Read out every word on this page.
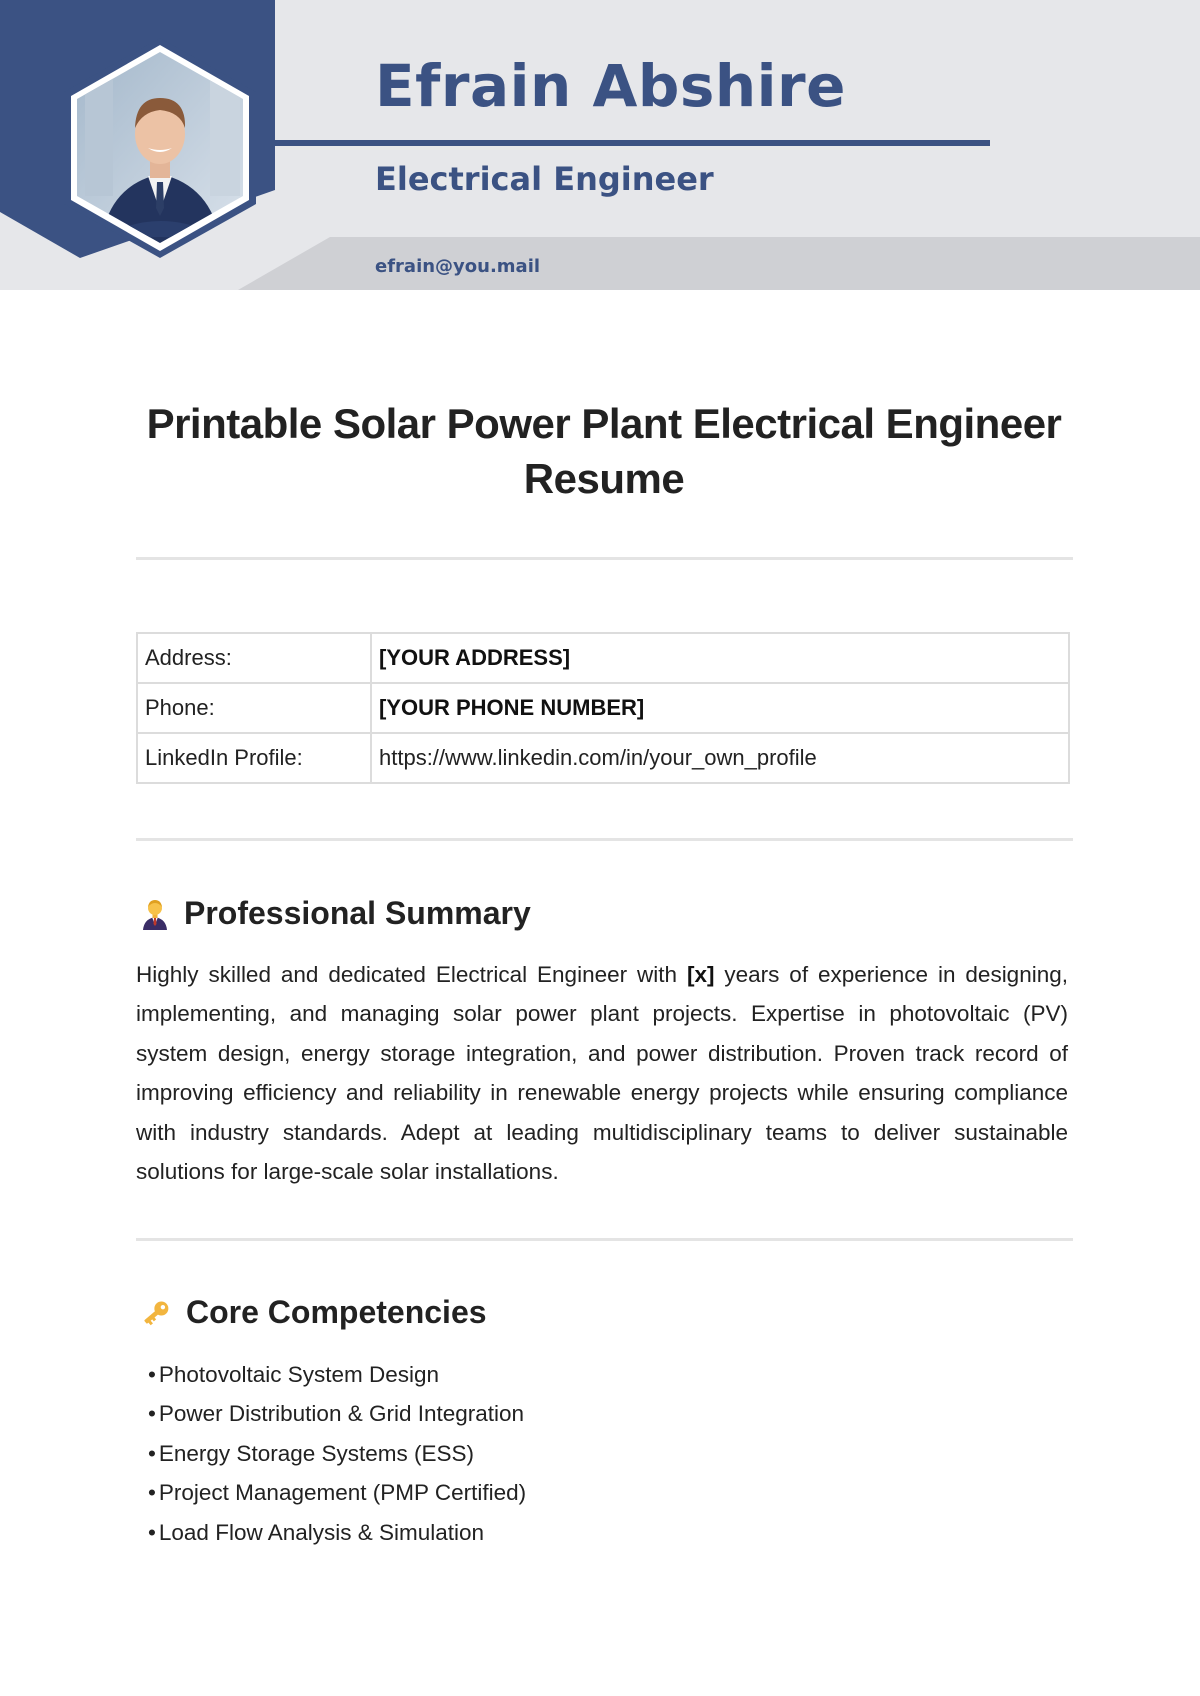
Efrain Abshire
Electrical Engineer
efrain@you.mail
Printable Solar Power Plant Electrical Engineer Resume
Address:	[YOUR ADDRESS]
Phone:	[YOUR PHONE NUMBER]
LinkedIn Profile:	https://www.linkedin.com/in/your_own_profile
Professional Summary

Highly skilled and dedicated Electrical Engineer with [x] years of experience in designing, implementing, and managing solar power plant projects. Expertise in photovoltaic (PV) system design, energy storage integration, and power distribution. Proven track record of improving efficiency and reliability in renewable energy projects while ensuring compliance with industry standards. Adept at leading multidisciplinary teams to deliver sustainable solutions for large-scale solar installations.

Core Competencies
• Photovoltaic System Design
• Power Distribution & Grid Integration
• Energy Storage Systems (ESS)
• Project Management (PMP Certified)
• Load Flow Analysis & Simulation
